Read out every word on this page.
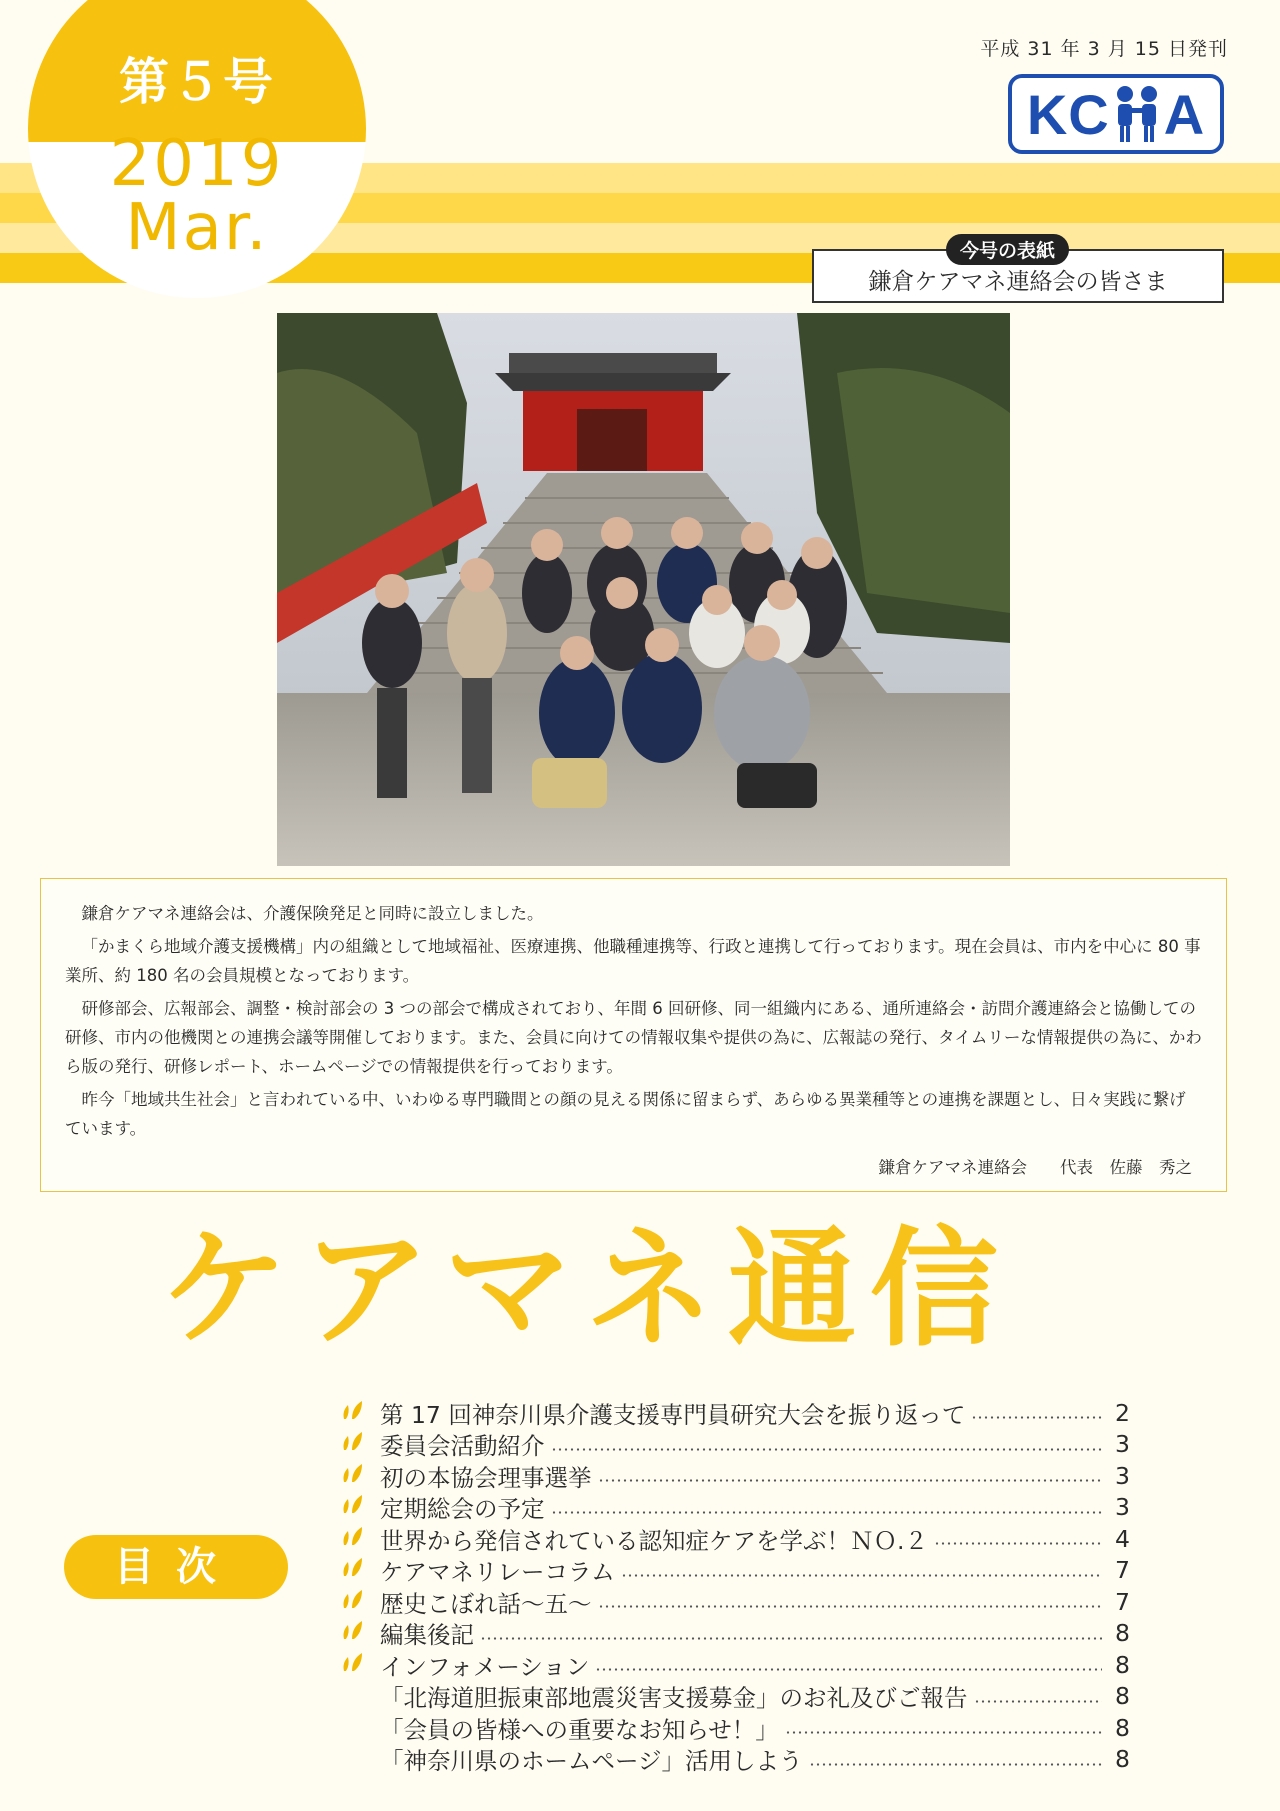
第５号
2019
Mar.
平成 31 年 3 月 15 日発刊
KC A
今号の表紙
鎌倉ケアマネ連絡会の皆さま

鎌倉ケアマネ連絡会は、介護保険発足と同時に設立しました。

「かまくら地域介護支援機構」内の組織として地域福祉、医療連携、他職種連携等、行政と連携して行っております。現在会員は、市内を中心に 80 事業所、約 180 名の会員規模となっております。

研修部会、広報部会、調整・検討部会の 3 つの部会で構成されており、年間 6 回研修、同一組織内にある、通所連絡会・訪問介護連絡会と協働しての研修、市内の他機関との連携会議等開催しております。また、会員に向けての情報収集や提供の為に、広報誌の発行、タイムリーな情報提供の為に、かわら版の発行、研修レポート、ホームページでの情報提供を行っております。

昨今「地域共生社会」と言われている中、いわゆる専門職間との顔の見える関係に留まらず、あらゆる異業種等との連携を課題とし、日々実践に繋げています。

鎌倉ケアマネ連絡会　　代表　佐藤　秀之

ケアマネ通信
目次
第 17 回神奈川県介護支援専門員研究大会を振り返って	2
委員会活動紹介	3
初の本協会理事選挙	3
定期総会の予定	3
世界から発信されている認知症ケアを学ぶ！ＮＯ.２	4
ケアマネリレーコラム	7
歴史こぼれ話～五～	7
編集後記	8
インフォメーション	8
「北海道胆振東部地震災害支援募金」のお礼及びご報告	8
「会員の皆様への重要なお知らせ！」	8
「神奈川県のホームページ」活用しよう	8
